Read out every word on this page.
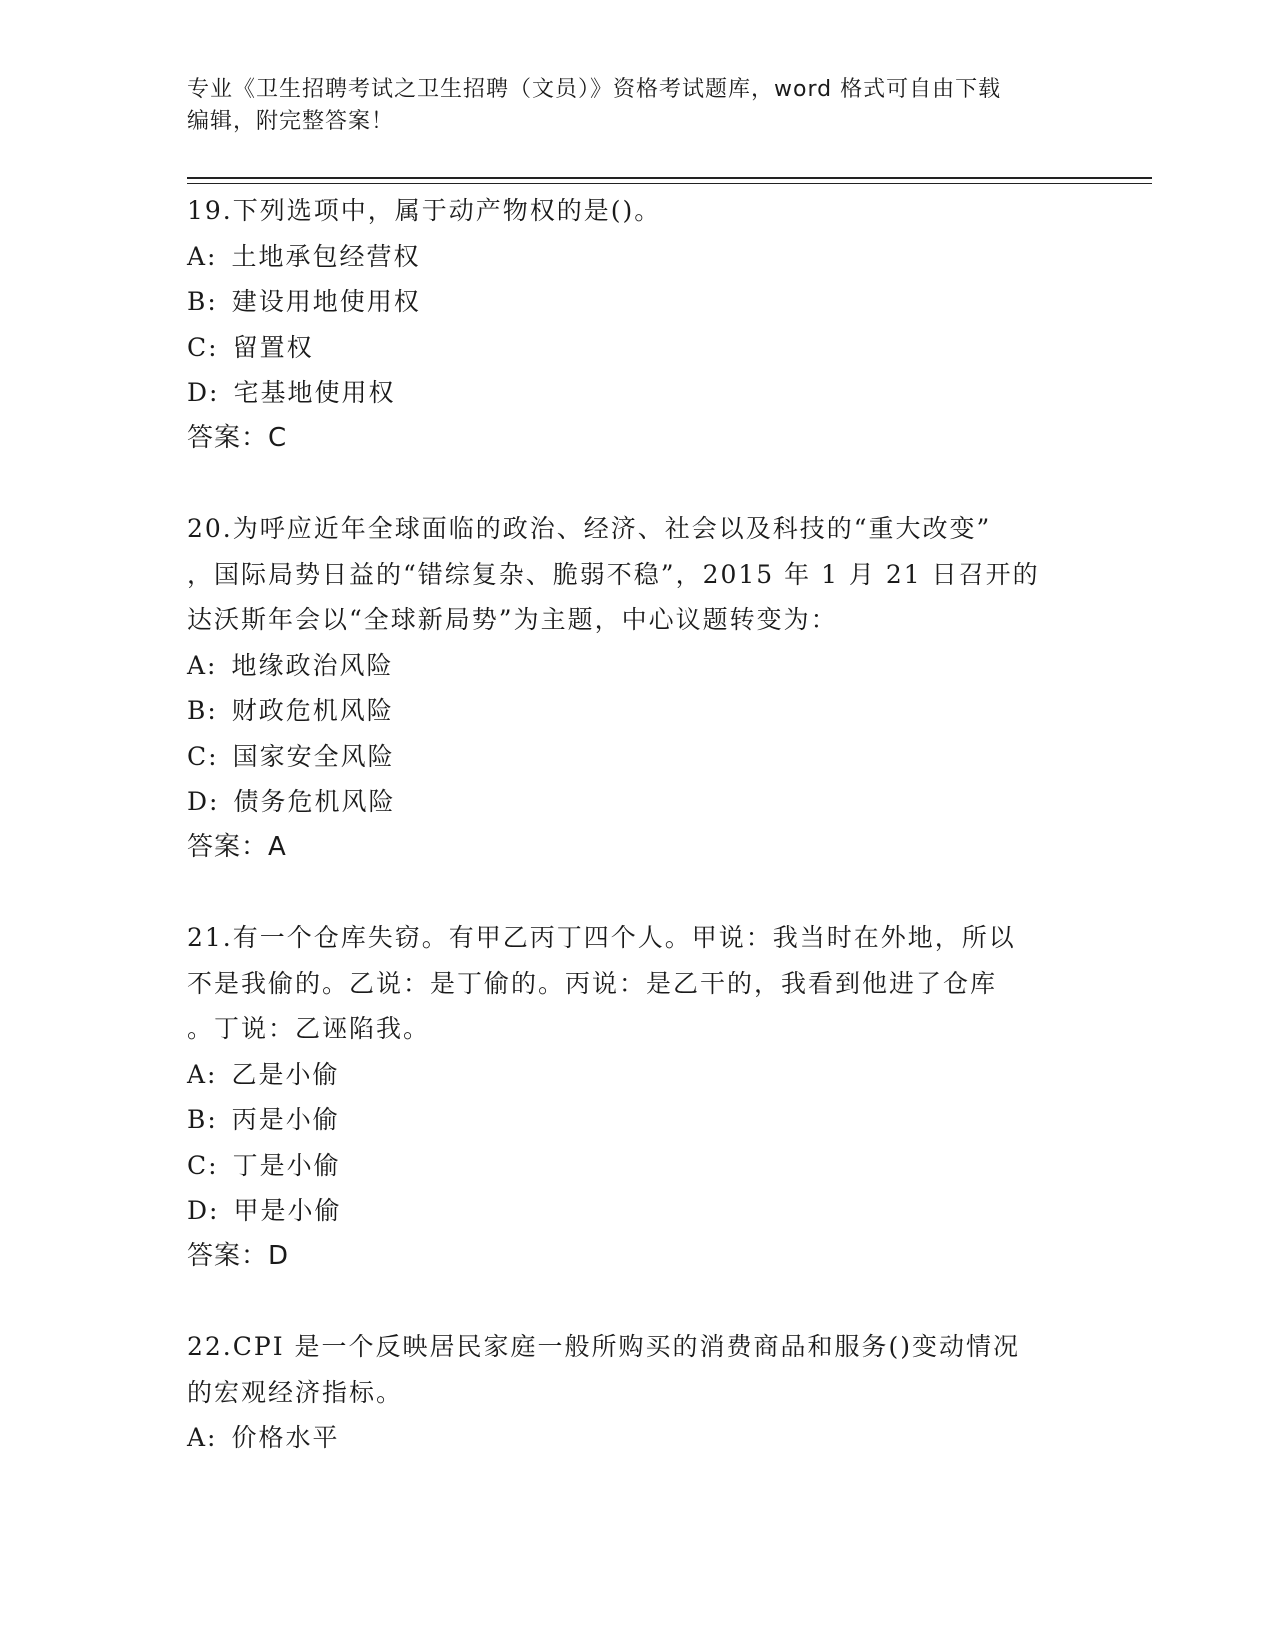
专业《卫生招聘考试之卫生招聘（文员）》资格考试题库，word 格式可自由下载
编辑，附完整答案！
19.下列选项中，属于动产物权的是()。
A: 土地承包经营权
B: 建设用地使用权
C: 留置权
D: 宅基地使用权
答案：C
20.为呼应近年全球面临的政治、经济、社会以及科技的“重大改变”
，国际局势日益的“错综复杂、脆弱不稳”，2015 年 1 月 21 日召开的
达沃斯年会以“全球新局势”为主题，中心议题转变为：
A: 地缘政治风险
B: 财政危机风险
C: 国家安全风险
D: 债务危机风险
答案：A
21.有一个仓库失窃。有甲乙丙丁四个人。甲说：我当时在外地，所以
不是我偷的。乙说：是丁偷的。丙说：是乙干的，我看到他进了仓库
。丁说：乙诬陷我。
A: 乙是小偷
B: 丙是小偷
C: 丁是小偷
D: 甲是小偷
答案：D
22.CPI 是一个反映居民家庭一般所购买的消费商品和服务()变动情况
的宏观经济指标。
A: 价格水平
